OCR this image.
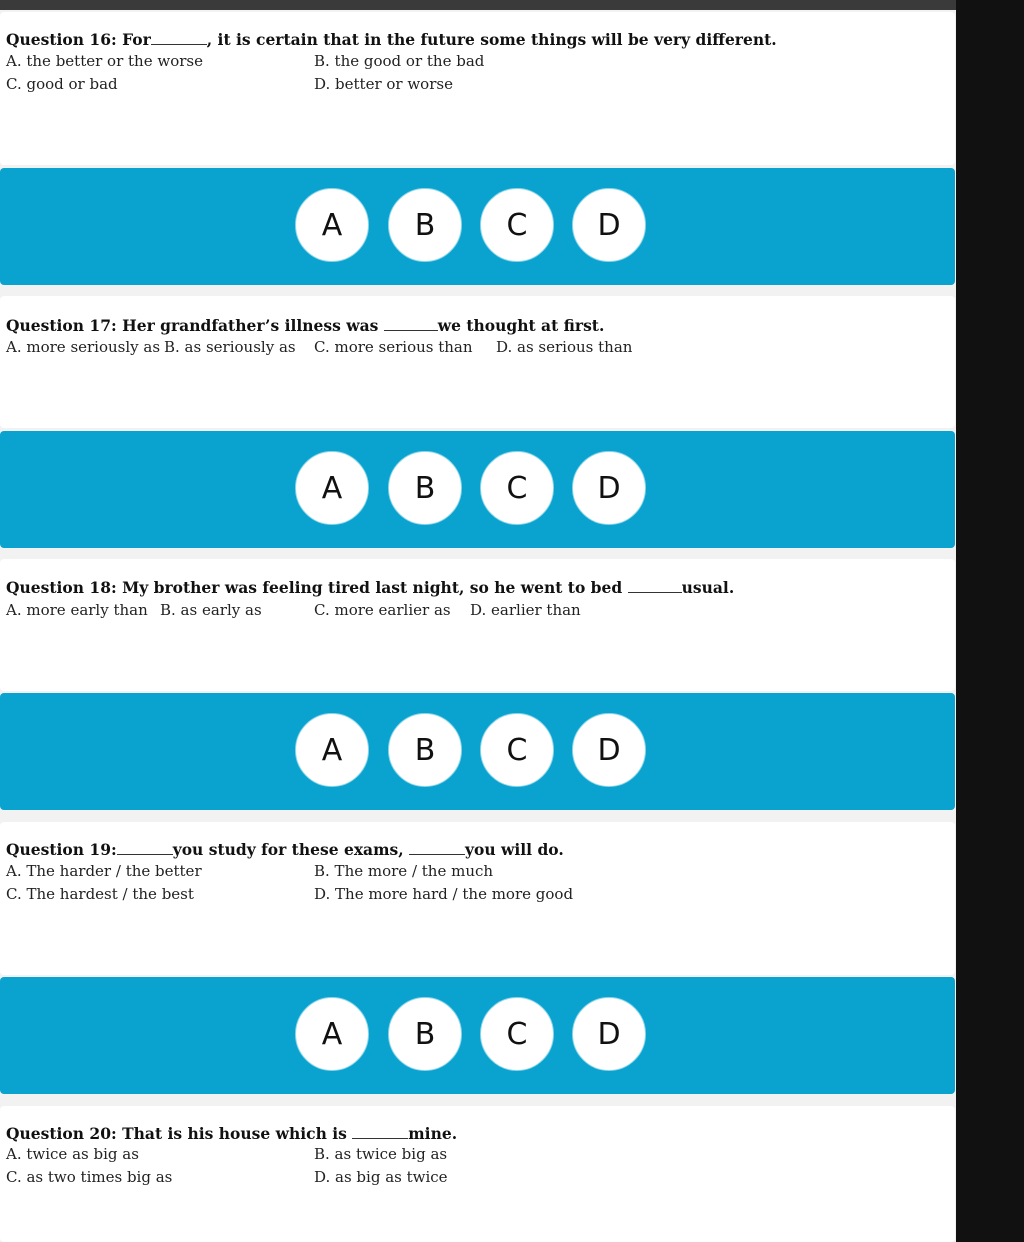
Question 16: For	, it is certain that in the future some things will be very different.
A. the better or the worse	B. the good or the bad
C. good or bad	D. better or worse
A	B	C	D
Question 17: Her grandfather’s illness was	we thought at first.
A. more seriously as B. as seriously as C. more serious than D. as serious than
A	B	C	D
Question 18: My brother was feeling tired last night, so he went to bed	usual.
A. more early than B. as early as	C. more earlier as D. earlier than
A	B	C	D
Question 19:	you study for these exams,	you will do.
A. The harder / the better	B. The more / the much
C. The hardest / the best	D. The more hard / the more good
A	B	C	D
Question 20: That is his house which is	mine.
A. twice as big as	B. as twice big as
C. as two times big as	D. as big as twice
